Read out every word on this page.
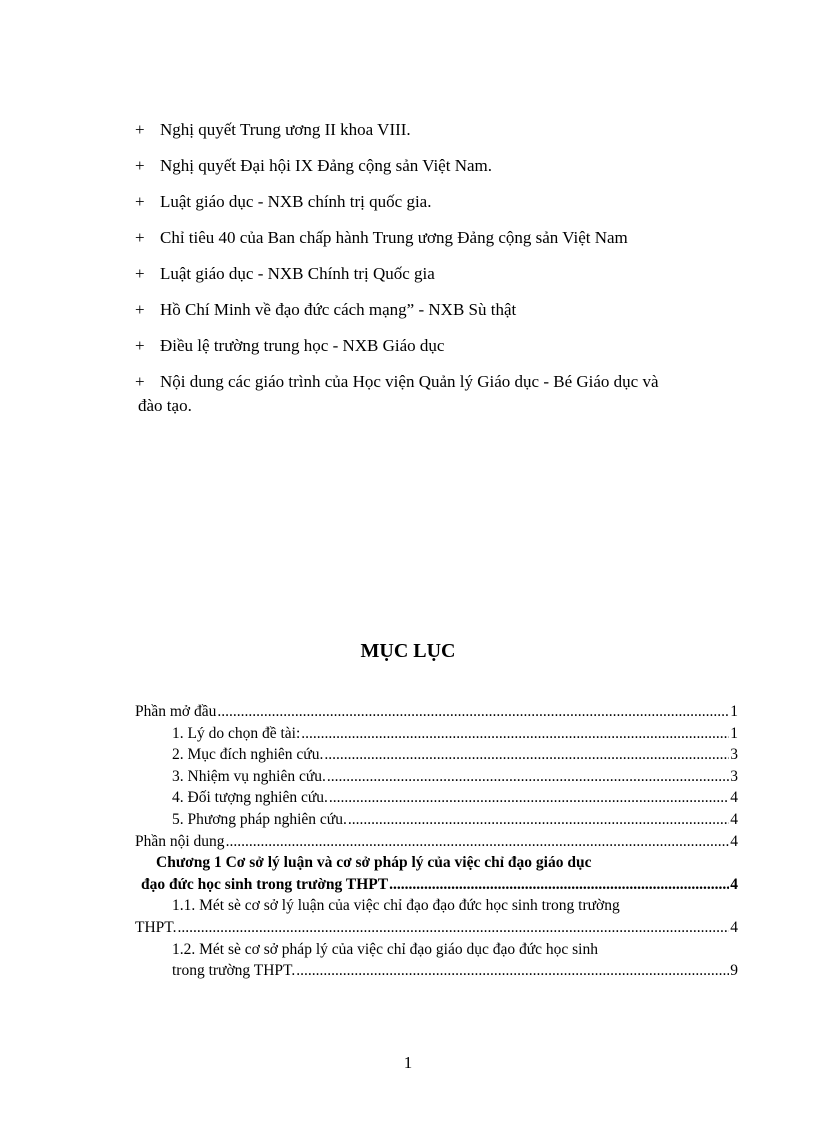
+ Nghị quyết Trung ương II khoa VIII.
+ Nghị quyết Đại hội IX Đảng cộng sản Việt Nam.
+ Luật giáo dục - NXB chính trị quốc gia.
+ Chỉ tiêu 40 của Ban chấp hành Trung ương Đảng cộng sản Việt Nam
+ Luật giáo dục - NXB Chính trị Quốc gia
+ Hồ Chí Minh về đạo đức cách mạng” - NXB Sù thật
+ Điều lệ trường trung học - NXB Giáo dục
+ Nội dung các giáo trình của Học viện Quản lý Giáo dục - Bé Giáo dục và
đào tạo.
MỤC LỤC
Phần mở đầu .....	1
1. Lý do chọn đề tài: .....	1
2. Mục đích nghiên cứu. .....	3
3. Nhiệm vụ nghiên cứu. .....	3
4. Đối tượng nghiên cứu. .....	4
5. Phương pháp nghiên cứu. .....	4
Phần nội dung .....	4
Chương 1 Cơ sở lý luận và cơ sở pháp lý của việc chỉ đạo giáo dục
đạo đức học sinh trong trường THPT .....	4
1.1. Mét sè cơ sở lý luận của việc chỉ đạo đạo đức học sinh trong trường
THPT. .....	4
1.2. Mét sè cơ sở pháp lý của việc chỉ đạo giáo dục đạo đức học sinh
trong trường THPT. .....	9

1
